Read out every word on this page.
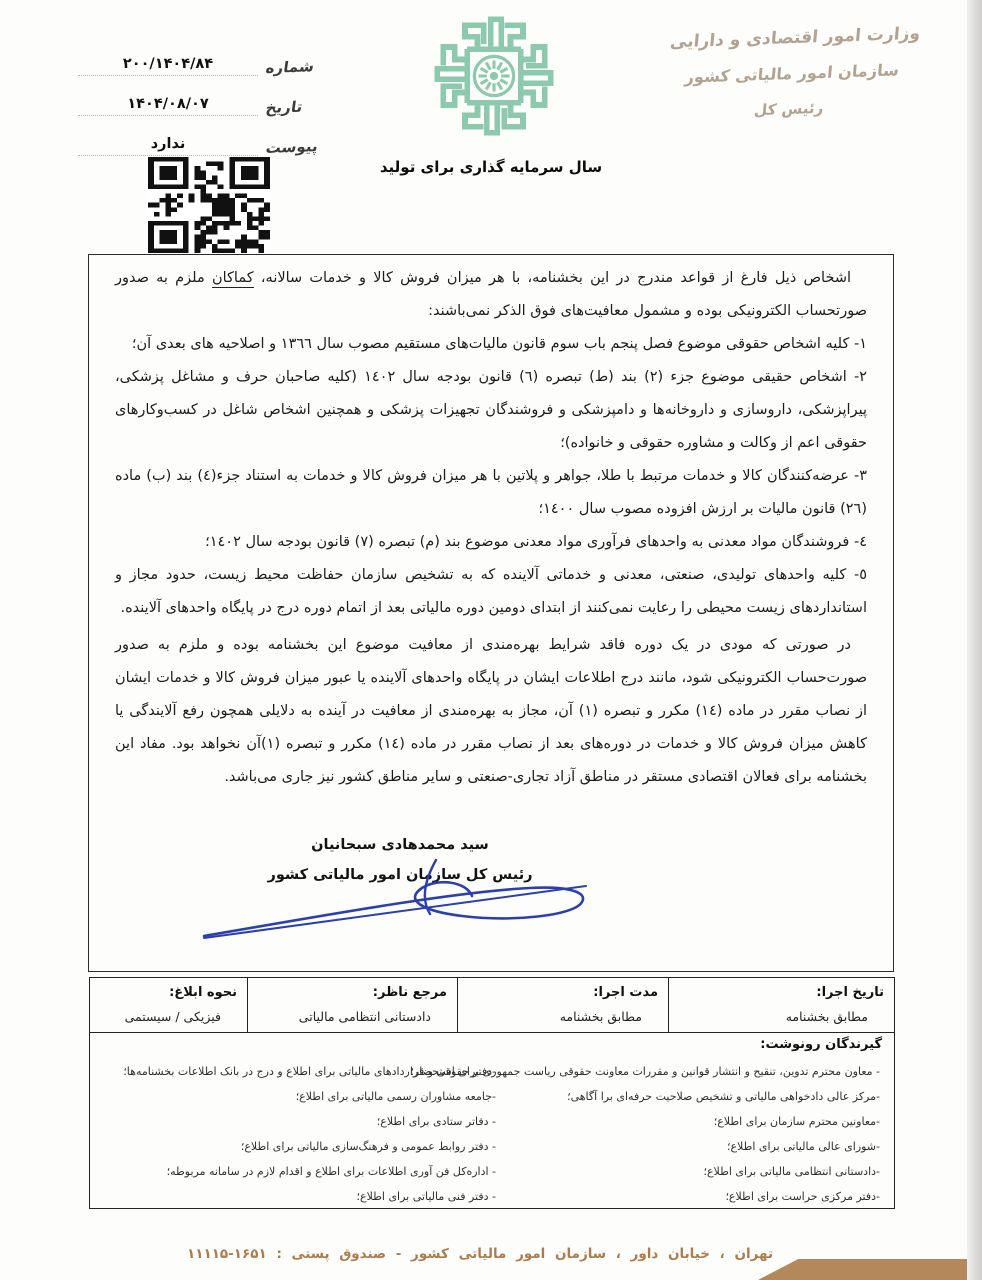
شماره
۲۰۰/۱۴۰۴/۸۴
تاریخ
۱۴۰۴/۰۸/۰۷
پیوست
ندارد
وزارت امور اقتصادی و دارایی
سازمان امور مالیاتی کشور
رئیس کل
سال سرمایه گذاری برای تولید

اشخاص ذیل فارغ از قواعد مندرج در این بخشنامه، با هر میزان فروش کالا و خدمات سالانه، کماکان ملزم به صدور صورتحساب الکترونیکی بوده و مشمول معافیت‌های فوق الذکر نمی‌باشند:

١- کلیه اشخاص حقوقی موضوع فصل پنجم باب سوم قانون مالیات‌های مستقیم مصوب سال ١٣٦٦ و اصلاحیه های بعدی آن؛

٢- اشخاص حقیقی موضوع جزء (٢) بند (ط) تبصره (٦) قانون بودجه سال ١٤٠٢ (کلیه صاحبان حرف و مشاغل پزشکی، پیراپزشکی، داروسازی و داروخانه‌ها و دامپزشکی و فروشندگان تجهیزات پزشکی و همچنین اشخاص شاغل در کسب‌وکارهای حقوقی اعم از وکالت و مشاوره حقوقی و خانواده)؛

٣- عرضه‌کنندگان کالا و خدمات مرتبط با طلا، جواهر و پلاتین با هر میزان فروش کالا و خدمات به استناد جزء(٤) بند (ب) ماده (٢٦) قانون مالیات بر ارزش افزوده مصوب سال ١٤٠٠؛

٤- فروشندگان مواد معدنی به واحدهای فرآوری مواد معدنی موضوع بند (م) تبصره (٧) قانون بودجه سال ١٤٠٢؛

٥- کلیه واحدهای تولیدی، صنعتی، معدنی و خدماتی آلاینده که به تشخیص سازمان حفاظت محیط زیست، حدود مجاز و استانداردهای زیست محیطی را رعایت نمی‌کنند از ابتدای دومین دوره مالیاتی بعد از اتمام دوره درج در پایگاه واحدهای آلاینده.

در صورتی که مودی در یک دوره فاقد شرایط بهره‌مندی از معافیت موضوع این بخشنامه بوده و ملزم به صدور صورت‌حساب الکترونیکی شود، مانند درج اطلاعات ایشان در پایگاه واحدهای آلاینده یا عبور میزان فروش کالا و خدمات ایشان از نصاب مقرر در ماده (١٤) مکرر و تبصره (١) آن، مجاز به بهره‌مندی از معافیت در آینده به دلایلی همچون رفع آلایندگی یا کاهش میزان فروش کالا و خدمات در دوره‌های بعد از نصاب مقرر در ماده (١٤) مکرر و تبصره (١)آن نخواهد بود. مفاد این بخشنامه برای فعالان اقتصادی مستقر در مناطق آزاد تجاری-صنعتی و سایر مناطق کشور نیز جاری می‌باشد.

سید محمدهادی سبحانیان
رئیس کل سازمان امور مالیاتی کشور
تاریخ اجرا:
مطابق بخشنامه
مدت اجرا:
مطابق بخشنامه
مرجع ناظر:
دادستانی انتظامی مالیاتی
نحوه ابلاغ:
فیزیکی / سیستمی
گیرندگان رونوشت:
- معاون محترم تدوین، تنقیح و انتشار قوانین و مقررات معاونت حقوقی ریاست جمهوری برای استحضار؛
-مرکز عالی دادخواهی مالیاتی و تشخیص صلاحیت حرفه‌ای برا آگاهی؛
-معاونین محترم سازمان برای اطلاع؛
-شورای عالی مالیاتی برای اطلاع؛
-دادستانی انتظامی مالیاتی برای اطلاع؛
-دفتر مرکزی حراست برای اطلاع؛
-دفتر حقوقی و قراردادهای مالیاتی برای اطلاع و درج در بانک اطلاعات بخشنامه‌ها؛
-جامعه مشاوران رسمی مالیاتی برای اطلاع؛
- دفاتر ستادی برای اطلاع؛
- دفتر روابط عمومی و فرهنگ‌سازی مالیاتی برای اطلاع؛
- اداره‌کل فن آوری اطلاعات برای اطلاع و اقدام لازم در سامانه مربوطه؛
- دفتر فنی مالیاتی برای اطلاع؛
تهران ، خیابان داور ، سازمان امور مالیاتی کشور - صندوق پستی : ۱۶۵۱-۱۱۱۱۵
